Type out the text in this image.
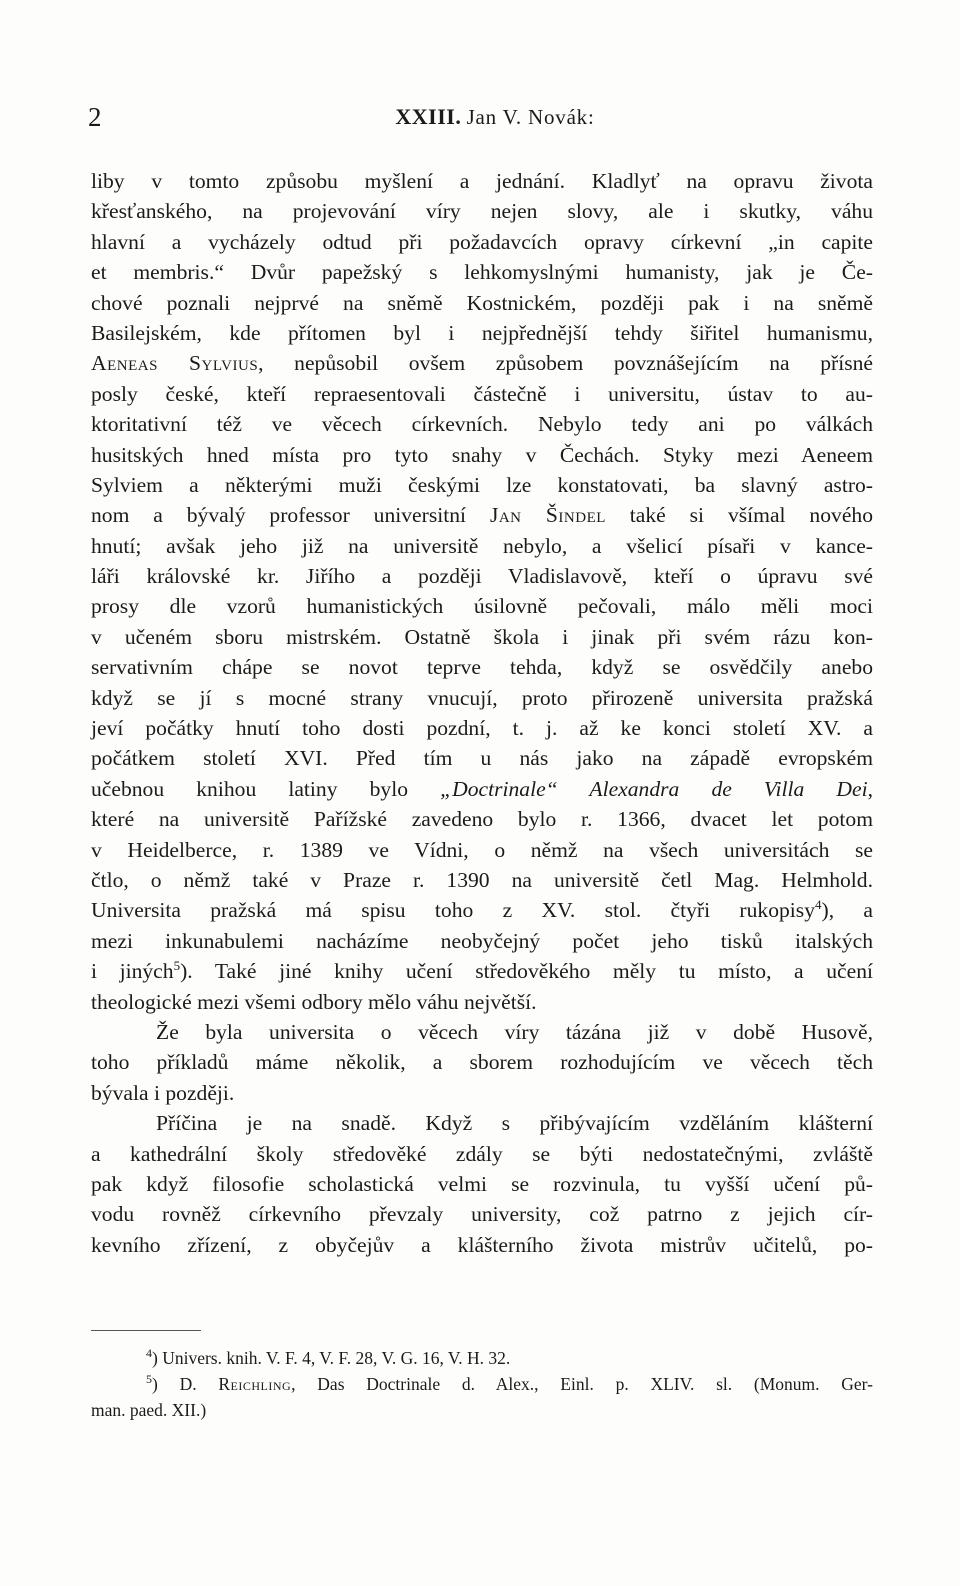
2	XXIII. Jan V. Novák:
liby v tomto způsobu myšlení a jednání. Kladlyť na opravu života
křesťanského, na projevování víry nejen slovy, ale i skutky, váhu
hlavní a vycházely odtud při požadavcích opravy církevní „in capite
et membris.“ Dvůr papežský s lehkomyslnými humanisty, jak je Če-
chové poznali nejprvé na sněmě Kostnickém, později pak i na sněmě
Basilejském, kde přítomen byl i nejpřednější tehdy šiřitel humanismu,
Aeneas Sylvius, nepůsobil ovšem způsobem povznášejícím na přísné
posly české, kteří repraesentovali částečně i universitu, ústav to au-
ktoritativní též ve věcech církevních. Nebylo tedy ani po válkách
husitských hned místa pro tyto snahy v Čechách. Styky mezi Aeneem
Sylviem a některými muži českými lze konstatovati, ba slavný astro-
nom a bývalý professor universitní Jan Šindel také si všímal nového
hnutí; avšak jeho již na universitě nebylo, a všelicí písaři v kance-
láři královské kr. Jiřího a později Vladislavově, kteří o úpravu své
prosy dle vzorů humanistických úsilovně pečovali, málo měli moci
v učeném sboru mistrském. Ostatně škola i jinak při svém rázu kon-
servativním chápe se novot teprve tehda, když se osvědčily anebo
když se jí s mocné strany vnucují, proto přirozeně universita pražská
jeví počátky hnutí toho dosti pozdní, t. j. až ke konci století XV. a
počátkem století XVI. Před tím u nás jako na západě evropském
učebnou knihou latiny bylo „Doctrinale“ Alexandra de Villa Dei,
které na universitě Pařížské zavedeno bylo r. 1366, dvacet let potom
v Heidelberce, r. 1389 ve Vídni, o němž na všech universitách se
čtlo, o němž také v Praze r. 1390 na universitě četl Mag. Helmhold.
Universita pražská má spisu toho z XV. stol. čtyři rukopisy$^4$), a
mezi inkunabulemi nacházíme neobyčejný počet jeho tisků italských
i jiných$^5$). Také jiné knihy učení středověkého měly tu místo, a učení
theologické mezi všemi odbory mělo váhu největší.
Že byla universita o věcech víry tázána již v době Husově,
toho příkladů máme několik, a sborem rozhodujícím ve věcech těch
bývala i později.
Příčina je na snadě. Když s přibývajícím vzděláním klášterní
a kathedrální školy středověké zdály se býti nedostatečnými, zvláště
pak když filosofie scholastická velmi se rozvinula, tu vyšší učení pů-
vodu rovněž církevního převzaly university, což patrno z jejich cír-
kevního zřízení, z obyčejův a klášterního života mistrův učitelů, po-
$^4$) Univers. knih. V. F. 4, V. F. 28, V. G. 16, V. H. 32.
$^5$) D. Reichling, Das Doctrinale d. Alex., Einl. p. XLIV. sl. (Monum. Ger-
man. paed. XII.)
